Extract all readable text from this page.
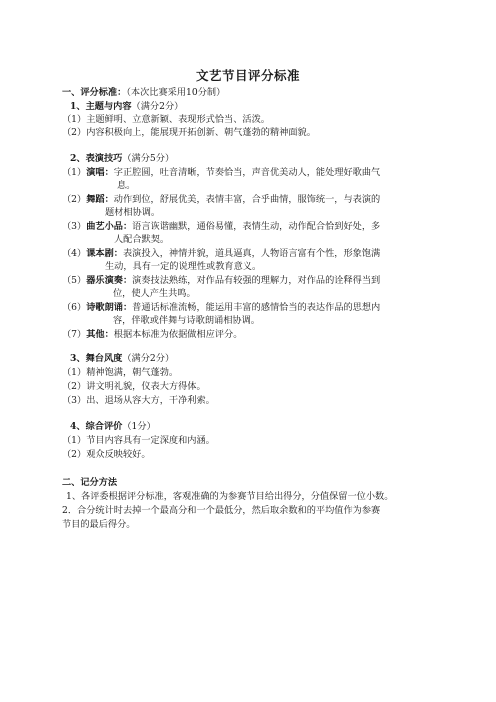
文艺节目评分标准
一、评分标准：（本次比赛采用10分制）
1、主题与内容（满分2分）
（1）主题鲜明、立意新颖、表现形式恰当、活泼。
（2）内容积极向上，能展现开拓创新、朝气蓬勃的精神面貌。
2、表演技巧（满分5分）
（1）演唱：字正腔圆，吐音清晰，节奏恰当，声音优美动人，能处理好歌曲气
息。
（2）舞蹈：动作到位，舒展优美，表情丰富，合乎曲情，服饰统一，与表演的
题材相协调。
（3）曲艺小品：语言诙谐幽默，通俗易懂，表情生动，动作配合恰到好处，多
人配合默契。
（4）课本剧：表演投入，神情并貌，道具逼真，人物语言富有个性，形象饱满
生动，具有一定的说理性或教育意义。
（5）器乐演奏：演奏技法熟练，对作品有较强的理解力，对作品的诠释得当到
位，使人产生共鸣。
（6）诗歌朗诵：普通话标准流畅，能运用丰富的感情恰当的表达作品的思想内
容，伴歌或伴舞与诗歌朗诵相协调。
（7）其他：根据本标准为依据做相应评分。
3、舞台风度（满分2分）
（1）精神饱满，朝气蓬勃。
（2）讲文明礼貌，仪表大方得体。
（3）出、退场从容大方，干净利索。
4、综合评价（1分）
（1）节目内容具有一定深度和内涵。
（2）观众反映较好。
二、记分方法
1、各评委根据评分标准，客观准确的为参赛节目给出得分，分值保留一位小数。
2．合分统计时去掉一个最高分和一个最低分，然后取余数和的平均值作为参赛
节目的最后得分。
